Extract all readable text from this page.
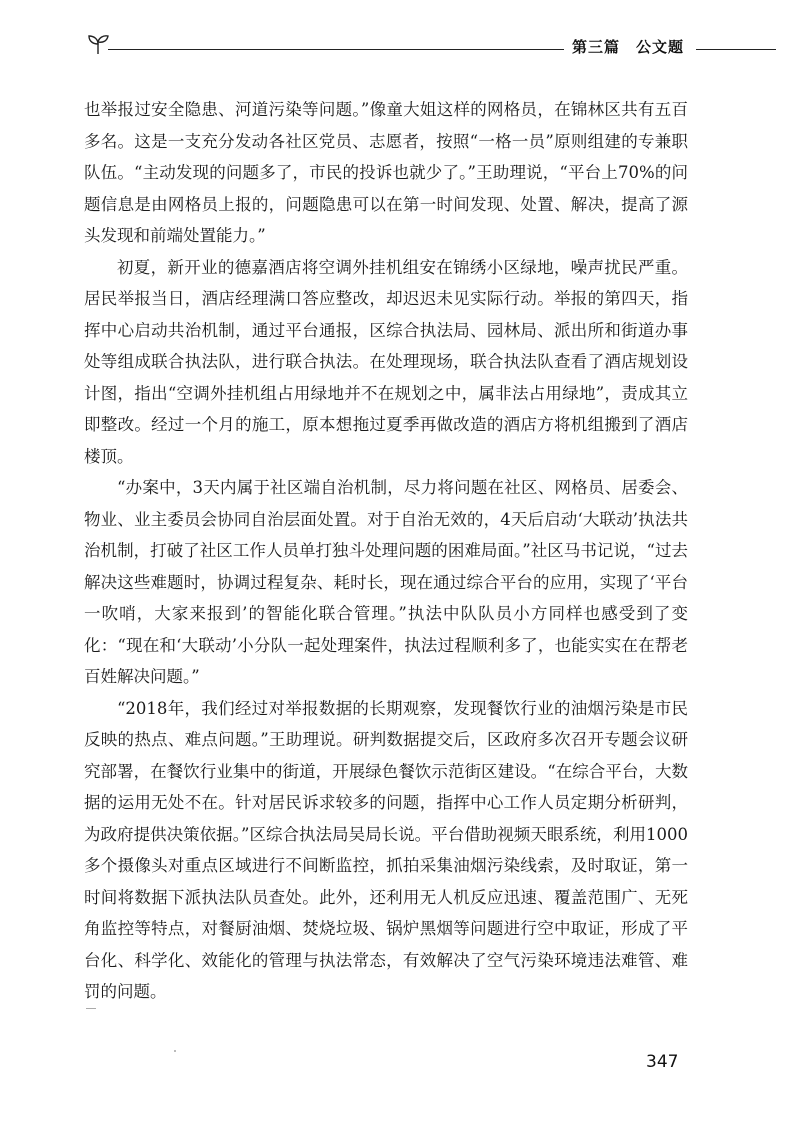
第三篇　公文题

也举报过安全隐患、河道污染等问题。”像童大姐这样的网格员，在锦林区共有五百多名。这是一支充分发动各社区党员、志愿者，按照“一格一员”原则组建的专兼职队伍。“主动发现的问题多了，市民的投诉也就少了。”王助理说，“平台上70%的问题信息是由网格员上报的，问题隐患可以在第一时间发现、处置、解决，提高了源头发现和前端处置能力。”

初夏，新开业的德嘉酒店将空调外挂机组安在锦绣小区绿地，噪声扰民严重。居民举报当日，酒店经理满口答应整改，却迟迟未见实际行动。举报的第四天，指挥中心启动共治机制，通过平台通报，区综合执法局、园林局、派出所和街道办事处等组成联合执法队，进行联合执法。在处理现场，联合执法队查看了酒店规划设计图，指出“空调外挂机组占用绿地并不在规划之中，属非法占用绿地”，责成其立即整改。经过一个月的施工，原本想拖过夏季再做改造的酒店方将机组搬到了酒店楼顶。

“办案中，3天内属于社区端自治机制，尽力将问题在社区、网格员、居委会、物业、业主委员会协同自治层面处置。对于自治无效的，4天后启动‘大联动’执法共治机制，打破了社区工作人员单打独斗处理问题的困难局面。”社区马书记说，“过去解决这些难题时，协调过程复杂、耗时长，现在通过综合平台的应用，实现了‘平台一吹哨，大家来报到’的智能化联合管理。”执法中队队员小方同样也感受到了变化：“现在和‘大联动’小分队一起处理案件，执法过程顺利多了，也能实实在在帮老百姓解决问题。”

“2018年，我们经过对举报数据的长期观察，发现餐饮行业的油烟污染是市民反映的热点、难点问题。”王助理说。研判数据提交后，区政府多次召开专题会议研究部署，在餐饮行业集中的街道，开展绿色餐饮示范街区建设。“在综合平台，大数据的运用无处不在。针对居民诉求较多的问题，指挥中心工作人员定期分析研判，为政府提供决策依据。”区综合执法局吴局长说。平台借助视频天眼系统，利用1000多个摄像头对重点区域进行不间断监控，抓拍采集油烟污染线索，及时取证，第一时间将数据下派执法队员查处。此外，还利用无人机反应迅速、覆盖范围广、无死角监控等特点，对餐厨油烟、焚烧垃圾、锅炉黑烟等问题进行空中取证，形成了平台化、科学化、效能化的管理与执法常态，有效解决了空气污染环境违法难管、难罚的问题。

347
